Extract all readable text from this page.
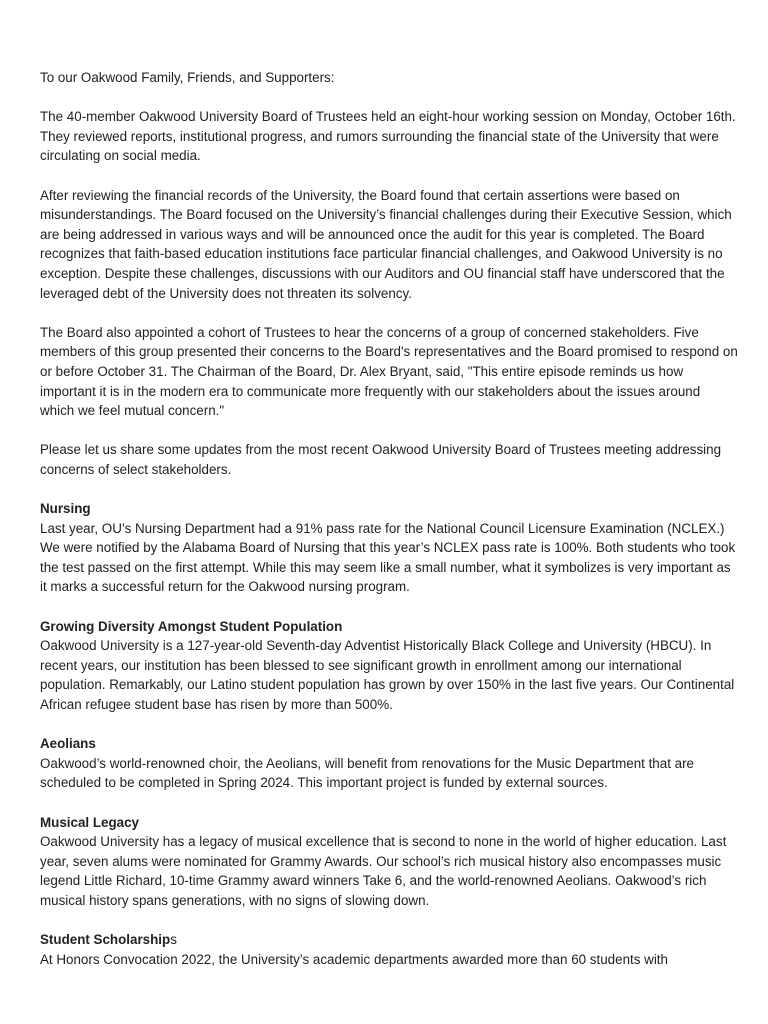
To our Oakwood Family, Friends, and Supporters:

The 40-member Oakwood University Board of Trustees held an eight-hour working session on Monday, October 16th. They reviewed reports, institutional progress, and rumors surrounding the financial state of the University that were circulating on social media.

After reviewing the financial records of the University, the Board found that certain assertions were based on misunderstandings. The Board focused on the University’s financial challenges during their Executive Session, which are being addressed in various ways and will be announced once the audit for this year is completed. The Board recognizes that faith-based education institutions face particular financial challenges, and Oakwood University is no exception. Despite these challenges, discussions with our Auditors and OU financial staff have underscored that the leveraged debt of the University does not threaten its solvency.

The Board also appointed a cohort of Trustees to hear the concerns of a group of concerned stakeholders. Five members of this group presented their concerns to the Board's representatives and the Board promised to respond on or before October 31. The Chairman of the Board, Dr. Alex Bryant, said, "This entire episode reminds us how important it is in the modern era to communicate more frequently with our stakeholders about the issues around which we feel mutual concern."

Please let us share some updates from the most recent Oakwood University Board of Trustees meeting addressing concerns of select stakeholders.

Nursing
Last year, OU’s Nursing Department had a 91% pass rate for the National Council Licensure Examination (NCLEX.) We were notified by the Alabama Board of Nursing that this year’s NCLEX pass rate is 100%. Both students who took the test passed on the first attempt. While this may seem like a small number, what it symbolizes is very important as it marks a successful return for the Oakwood nursing program.
Growing Diversity Amongst Student Population
Oakwood University is a 127-year-old Seventh-day Adventist Historically Black College and University (HBCU). In recent years, our institution has been blessed to see significant growth in enrollment among our international population. Remarkably, our Latino student population has grown by over 150% in the last five years. Our Continental African refugee student base has risen by more than 500%.
Aeolians
Oakwood’s world-renowned choir, the Aeolians, will benefit from renovations for the Music Department that are scheduled to be completed in Spring 2024. This important project is funded by external sources.
Musical Legacy
Oakwood University has a legacy of musical excellence that is second to none in the world of higher education. Last year, seven alums were nominated for Grammy Awards. Our school’s rich musical history also encompasses music legend Little Richard, 10-time Grammy award winners Take 6, and the world-renowned Aeolians. Oakwood’s rich musical history spans generations, with no signs of slowing down.
Student Scholarships
At Honors Convocation 2022, the University’s academic departments awarded more than 60 students with
